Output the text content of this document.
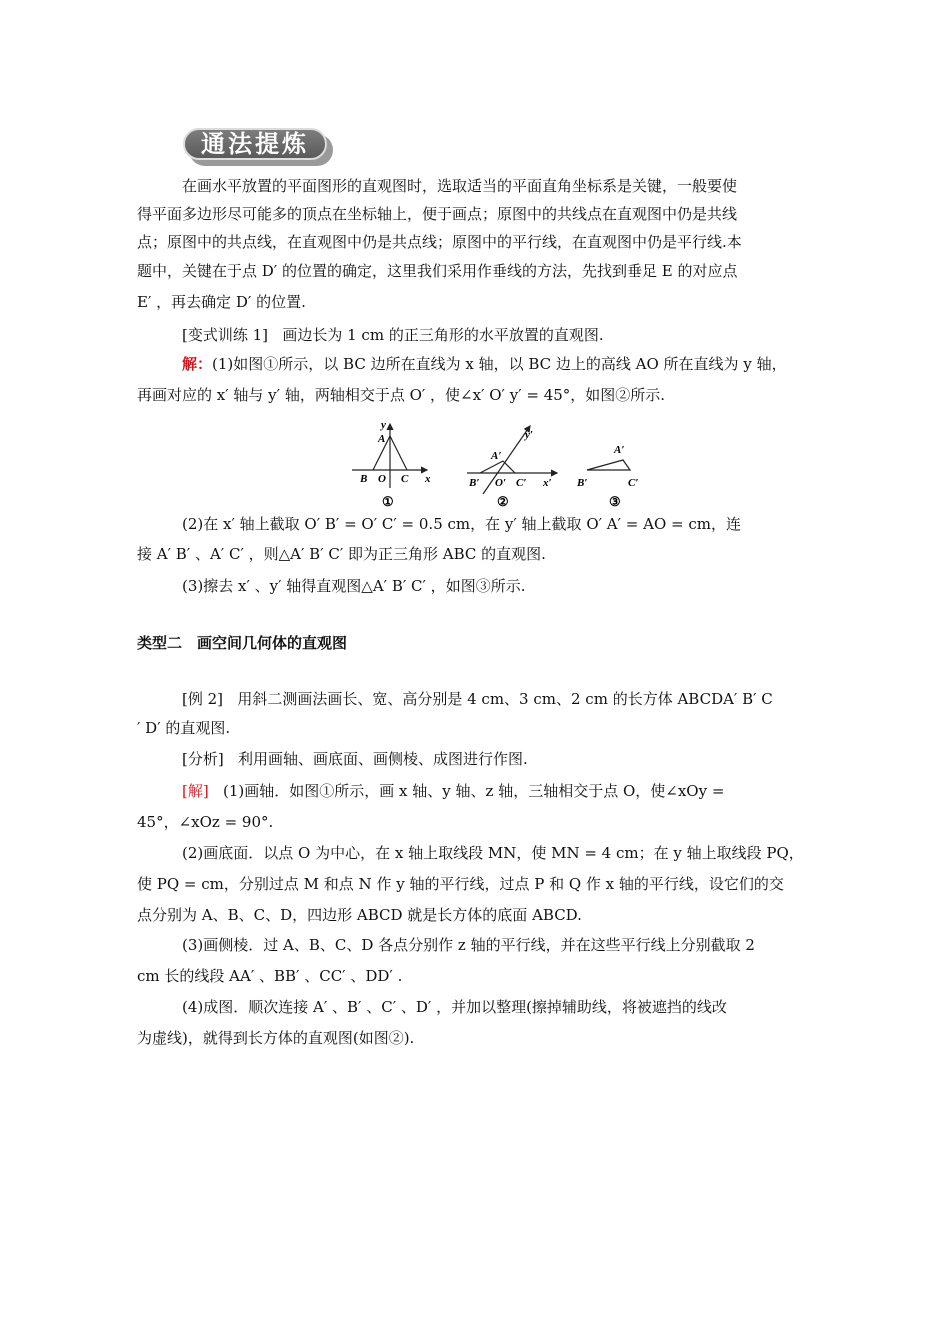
通法提炼
在画水平放置的平面图形的直观图时，选取适当的平面直角坐标系是关键，一般要使
得平面多边形尽可能多的顶点在坐标轴上，便于画点；原图中的共线点在直观图中仍是共线
点；原图中的共点线，在直观图中仍是共点线；原图中的平行线，在直观图中仍是平行线.本
题中，关键在于点 D′ 的位置的确定，这里我们采用作垂线的方法，先找到垂足 E 的对应点
E′ ，再去确定 D′ 的位置.
[变式训练 1] 画边长为 1 cm 的正三角形的水平放置的直观图.
解：(1)如图①所示，以 BC 边所在直线为 x 轴，以 BC 边上的高线 AO 所在直线为 y 轴，
再画对应的 x′ 轴与 y′ 轴，两轴相交于点 O′ ，使∠x′ O′ y′ = 45°，如图②所示.
y
A
B O C x
①
y′
A′
B′ O′ C′ x′
②
A′
B′	C′
③
(2)在 x′ 轴上截取 O′ B′ = O′ C′ = 0.5 cm，在 y′ 轴上截取 O′ A′ = AO = cm，连
接 A′ B′ 、A′ C′ ，则△A′ B′ C′ 即为正三角形 ABC 的直观图.
(3)擦去 x′ 、y′ 轴得直观图△A′ B′ C′ ，如图③所示.
类型二　画空间几何体的直观图
[例 2] 用斜二测画法画长、宽、高分别是 4 cm、3 cm、2 cm 的长方体 ABCDA′ B′ C
′ D′ 的直观图.
[分析] 利用画轴、画底面、画侧棱、成图进行作图.
[解] (1)画轴．如图①所示，画 x 轴、y 轴、z 轴，三轴相交于点 O，使∠xOy =
45°，∠xOz = 90°.
(2)画底面．以点 O 为中心，在 x 轴上取线段 MN，使 MN = 4 cm；在 y 轴上取线段 PQ，
使 PQ = cm，分别过点 M 和点 N 作 y 轴的平行线，过点 P 和 Q 作 x 轴的平行线，设它们的交
点分别为 A、B、C、D，四边形 ABCD 就是长方体的底面 ABCD.
(3)画侧棱．过 A、B、C、D 各点分别作 z 轴的平行线，并在这些平行线上分别截取 2
cm 长的线段 AA′ 、BB′ 、CC′ 、DD′ .
(4)成图．顺次连接 A′ 、B′ 、C′ 、D′ ，并加以整理(擦掉辅助线，将被遮挡的线改
为虚线)，就得到长方体的直观图(如图②).
